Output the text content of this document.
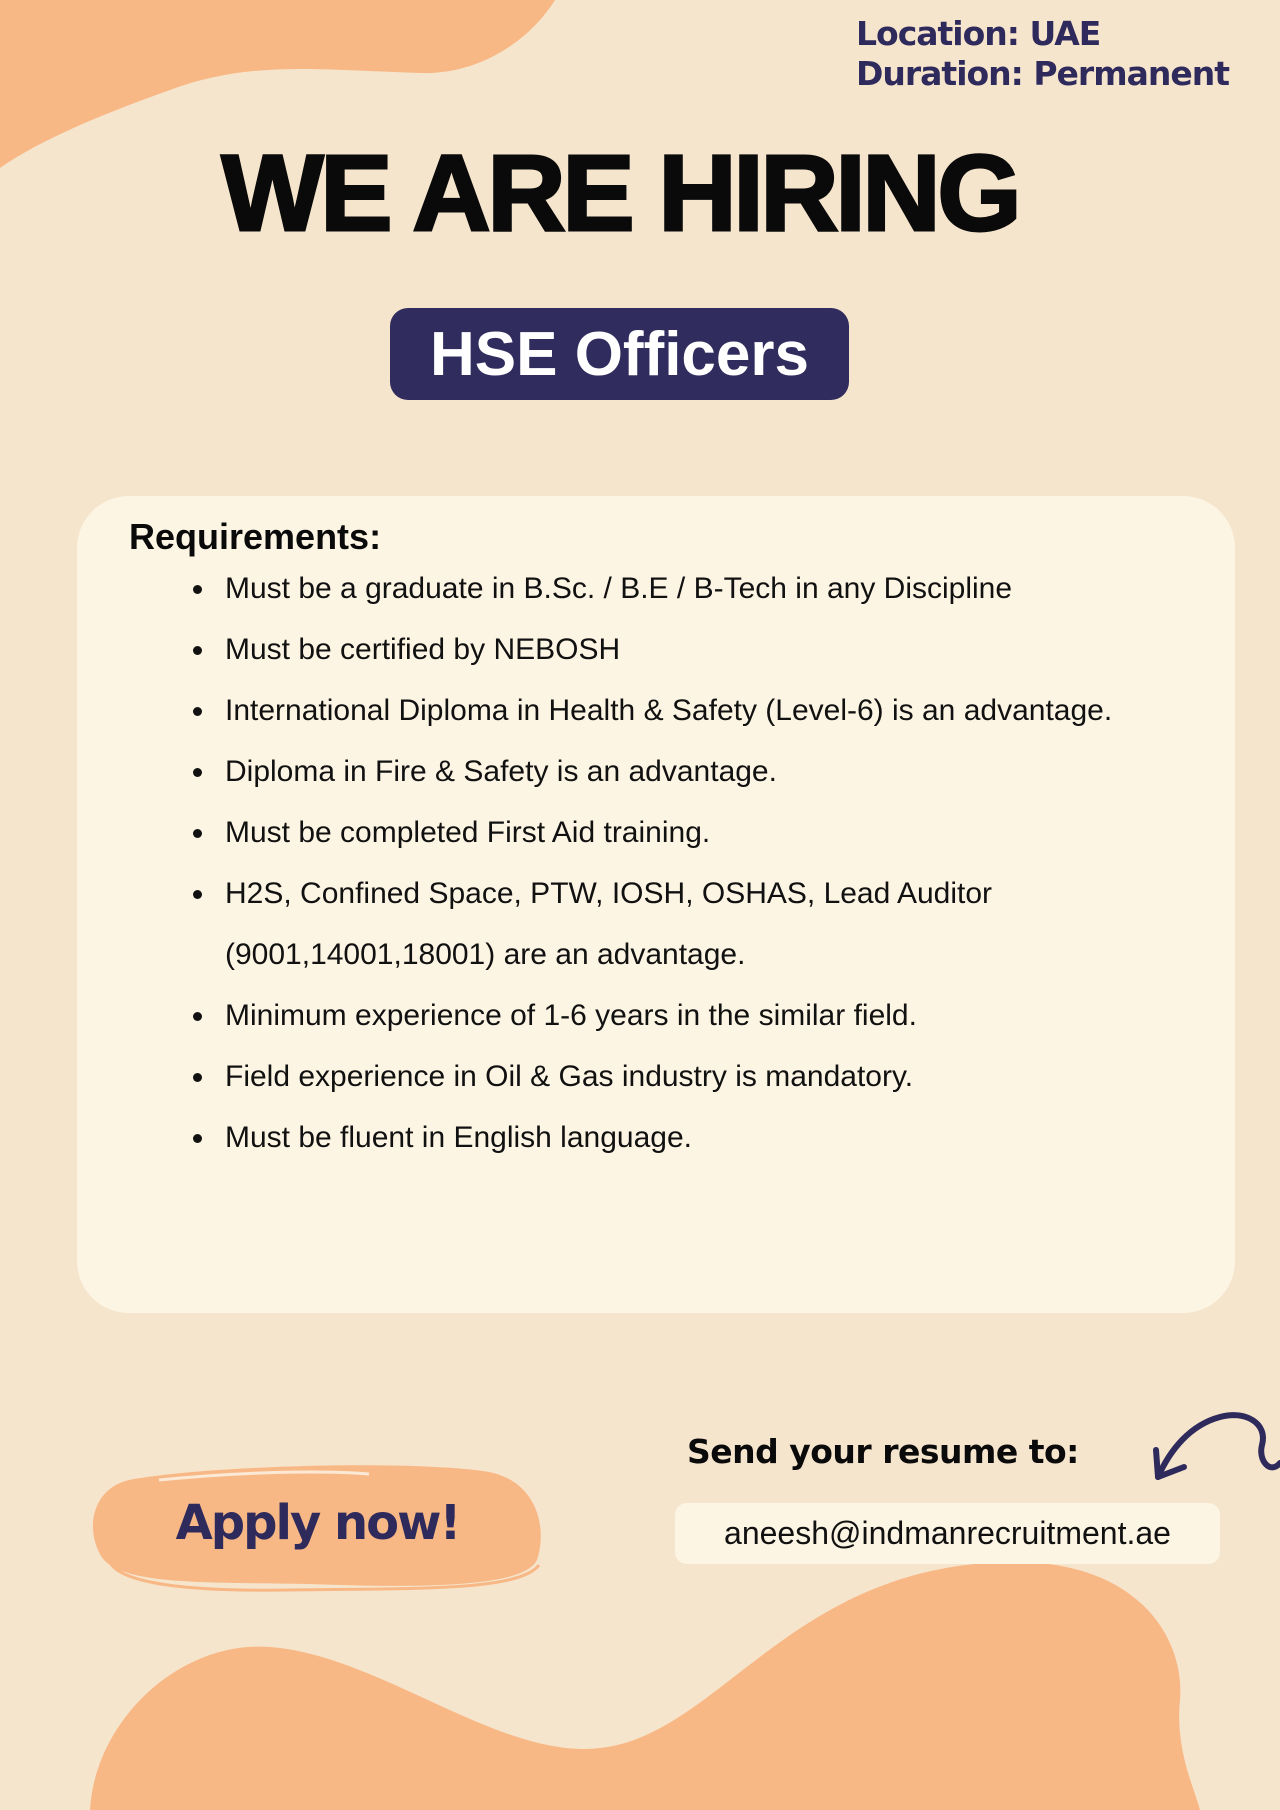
Location: UAE
Duration: Permanent
WE ARE HIRING
HSE Officers
Requirements:
• Must be a graduate in B.Sc. / B.E / B-Tech in any Discipline
• Must be certified by NEBOSH
• International Diploma in Health & Safety (Level-6) is an advantage.
• Diploma in Fire & Safety is an advantage.
• Must be completed First Aid training.
• H2S, Confined Space, PTW, IOSH, OSHAS, Lead Auditor (9001,14001,18001) are an advantage.
• Minimum experience of 1-6 years in the similar field.
• Field experience in Oil & Gas industry is mandatory.
• Must be fluent in English language.
Apply now!
Send your resume to:
aneesh@indmanrecruitment.ae
